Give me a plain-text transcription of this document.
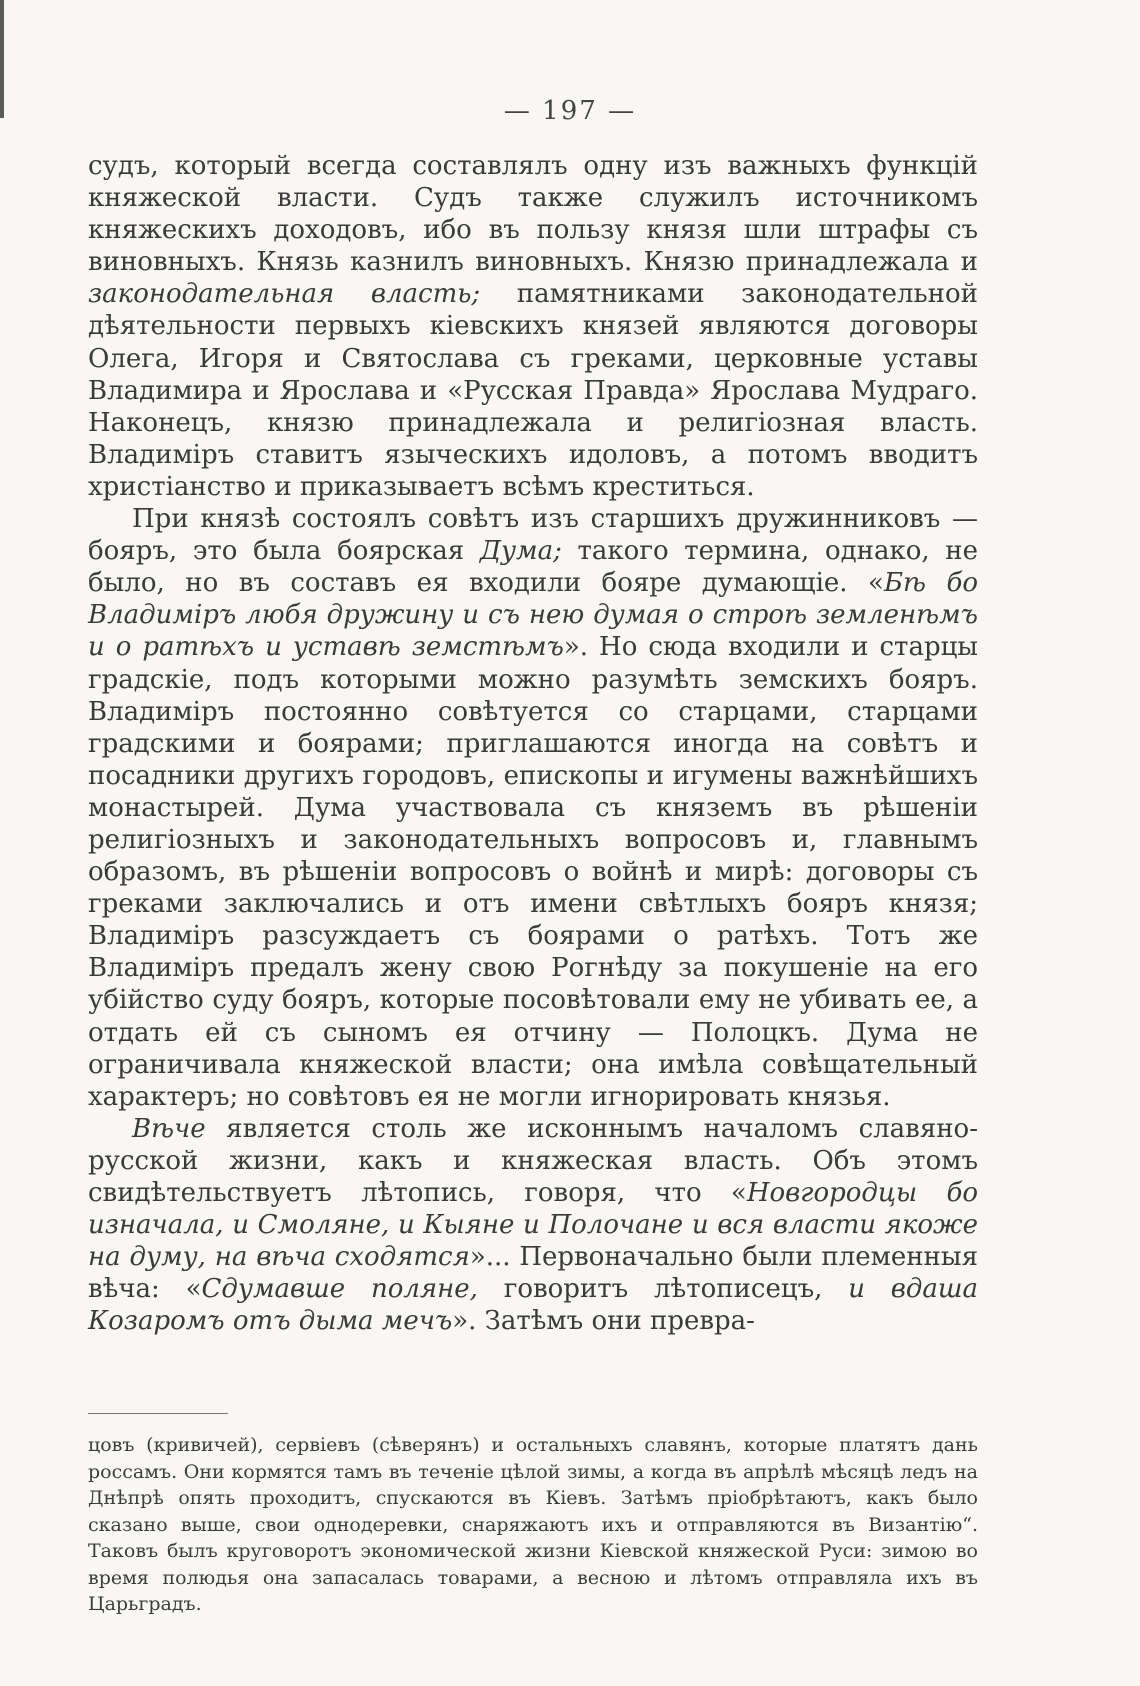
— 197 —

судъ, который всегда составлялъ одну изъ важныхъ функцій княжеской власти. Судъ также служилъ источникомъ княжескихъ доходовъ, ибо въ пользу князя шли штрафы съ виновныхъ. Князь казнилъ виновныхъ. Князю принадлежала и законодательная власть; памятниками законодательной дѣятельности первыхъ кіевскихъ князей являются договоры Олега, Игоря и Святослава съ греками, церковные уставы Владимира и Ярослава и «Русская Правда» Ярослава Мудраго. Наконецъ, князю принадлежала и религіозная власть. Владиміръ ставитъ языческихъ идоловъ, а потомъ вводитъ христіанство и приказываетъ всѣмъ креститься.

При князѣ состоялъ совѣтъ изъ старшихъ дружинниковъ — бояръ, это была боярская Дума; такого термина, однако, не было, но въ составъ ея входили бояре думающіе. «Бѣ бо Владиміръ любя дружину и съ нею думая о строѣ земленѣмъ и о ратѣхъ и уставѣ земстѣмъ». Но сюда входили и старцы градскіе, подъ которыми можно разумѣть земскихъ бояръ. Владиміръ постоянно совѣтуется со старцами, старцами градскими и боярами; приглашаются иногда на совѣтъ и посадники другихъ городовъ, епископы и игумены важнѣйшихъ монастырей. Дума участвовала съ княземъ въ рѣшеніи религіозныхъ и законодательныхъ вопросовъ и, главнымъ образомъ, въ рѣшеніи вопросовъ о войнѣ и мирѣ: договоры съ греками заключались и отъ имени свѣтлыхъ бояръ князя; Владиміръ разсуждаетъ съ боярами о ратѣхъ. Тотъ же Владиміръ предалъ жену свою Рогнѣду за покушеніе на его убійство суду бояръ, которые посовѣтовали ему не убивать ее, а отдать ей съ сыномъ ея отчину — Полоцкъ. Дума не ограничивала княжеской власти; она имѣла совѣщательный характеръ; но совѣтовъ ея не могли игнорировать князья.

Вѣче является столь же исконнымъ началомъ славяно-русской жизни, какъ и княжеская власть. Объ этомъ свидѣтельствуетъ лѣтопись, говоря, что «Новгородцы бо изначала, и Смоляне, и Кыяне и Полочане и вся власти якоже на думу, на вѣча сходятся»... Первоначально были племенныя вѣча: «Сдумавше поляне, говоритъ лѣтописецъ, и вдаша Козаромъ отъ дыма мечъ». Затѣмъ они превра-

цовъ (кривичей), сервіевъ (сѣверянъ) и остальныхъ славянъ, которые платятъ дань россамъ. Они кормятся тамъ въ теченіе цѣлой зимы, а когда въ апрѣлѣ мѣсяцѣ ледъ на Днѣпрѣ опять проходитъ, спускаются въ Кіевъ. Затѣмъ пріобрѣтаютъ, какъ было сказано выше, свои однодеревки, снаряжаютъ ихъ и отправляются въ Византію“. Таковъ былъ круговоротъ экономической жизни Кіевской княжеской Руси: зимою во время полюдья она запасалась товарами, а весною и лѣтомъ отправляла ихъ въ Царьградъ.
